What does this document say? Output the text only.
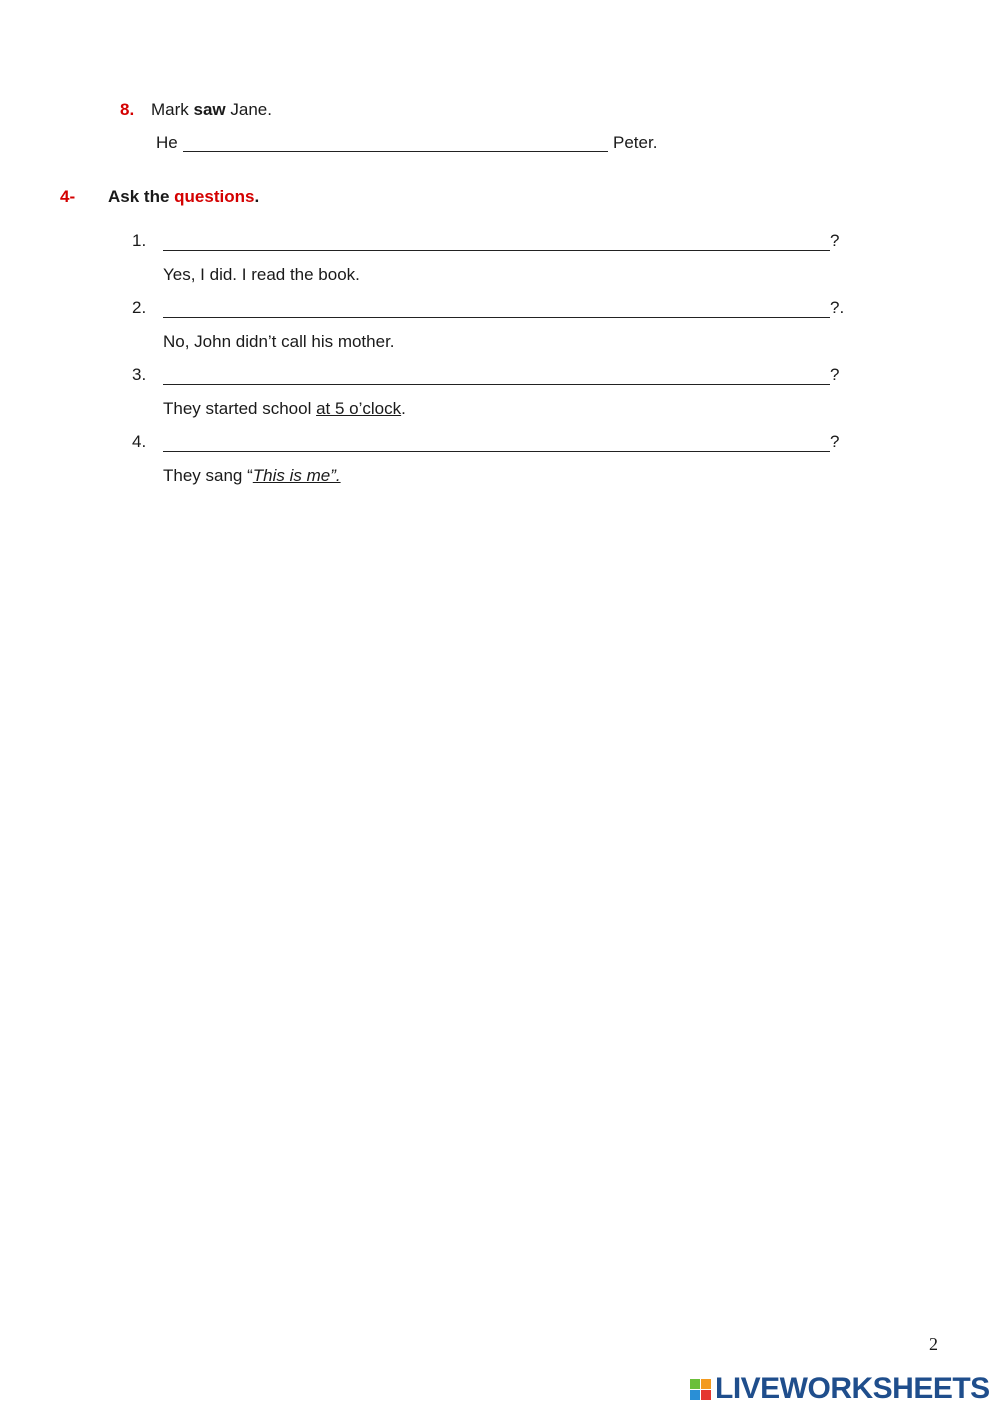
8. Mark saw Jane.
He	Peter.
4- Ask the questions.
1.	?
Yes, I did. I read the book.
2.	?.
No, John didn’t call his mother.
3.	?
They started school at 5 o’clock.
4.	?
They sang “This is me”.
2
LIVEWORKSHEETS
